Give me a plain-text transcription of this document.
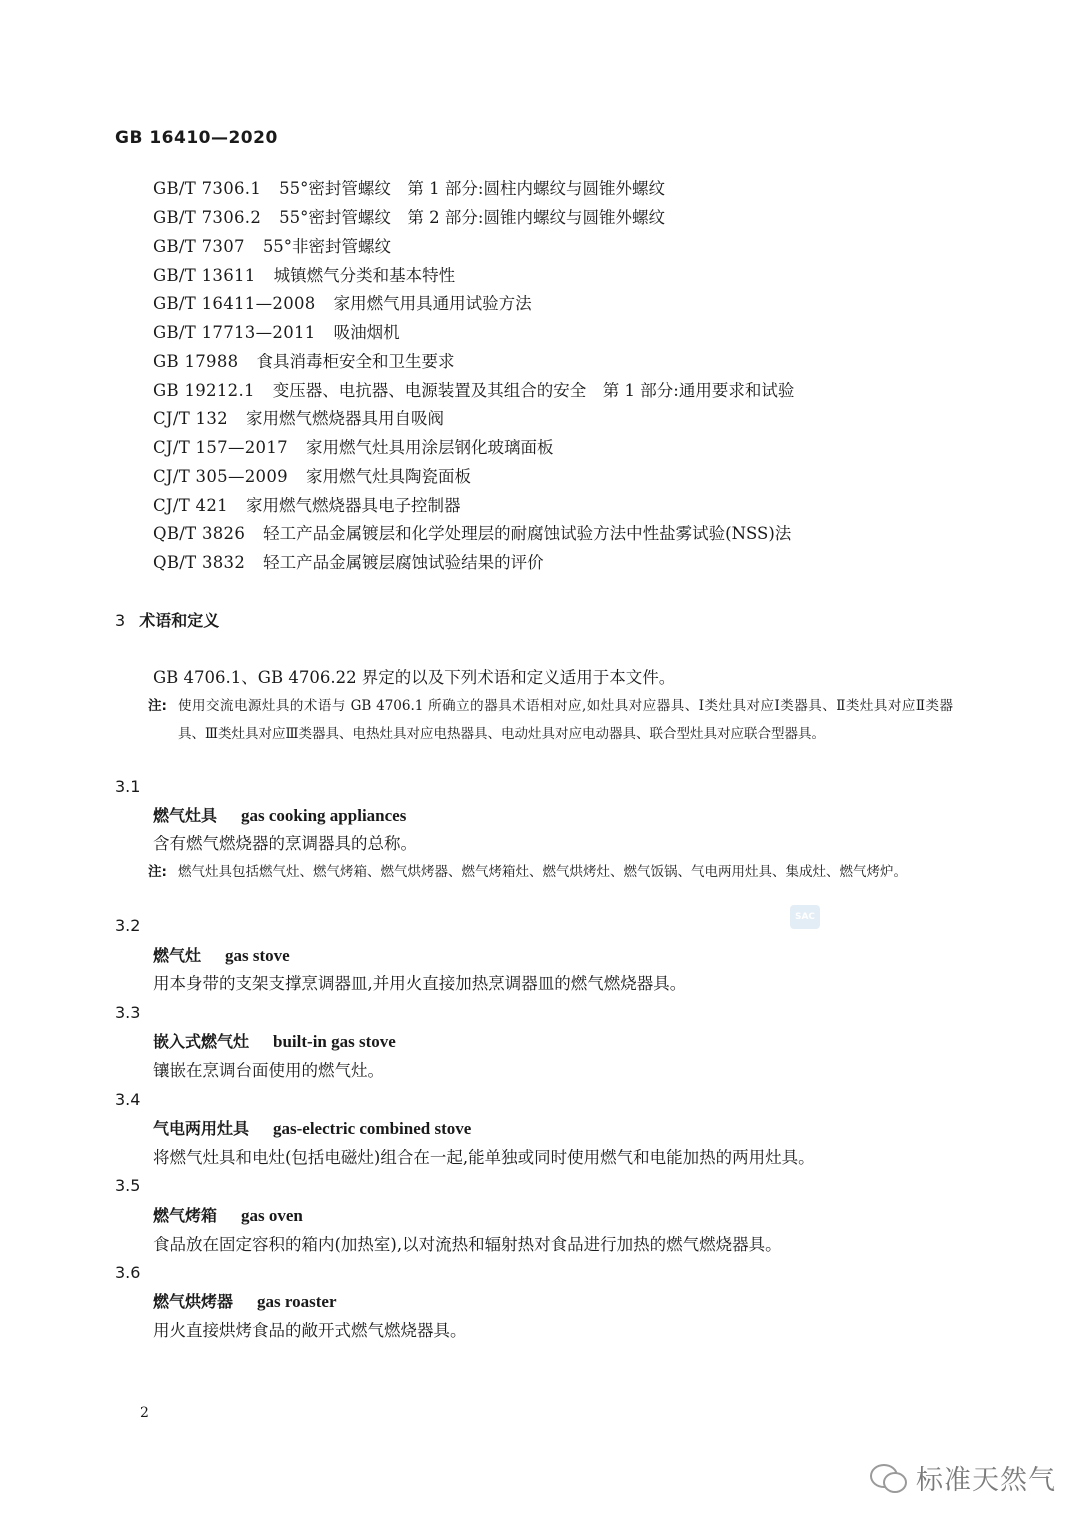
GB 16410—2020
GB/T 7306.1 55°密封管螺纹　第 1 部分:圆柱内螺纹与圆锥外螺纹
GB/T 7306.2 55°密封管螺纹　第 2 部分:圆锥内螺纹与圆锥外螺纹
GB/T 7307 55°非密封管螺纹
GB/T 13611 城镇燃气分类和基本特性
GB/T 16411—2008 家用燃气用具通用试验方法
GB/T 17713—2011 吸油烟机
GB 17988 食具消毒柜安全和卫生要求
GB 19212.1 变压器、电抗器、电源装置及其组合的安全　第 1 部分:通用要求和试验
CJ/T 132 家用燃气燃烧器具用自吸阀
CJ/T 157—2017 家用燃气灶具用涂层钢化玻璃面板
CJ/T 305—2009 家用燃气灶具陶瓷面板
CJ/T 421 家用燃气燃烧器具电子控制器
QB/T 3826 轻工产品金属镀层和化学处理层的耐腐蚀试验方法中性盐雾试验(NSS)法
QB/T 3832 轻工产品金属镀层腐蚀试验结果的评价
3 术语和定义
GB 4706.1、GB 4706.22 界定的以及下列术语和定义适用于本文件。
注: 使用交流电源灶具的术语与 GB 4706.1 所确立的器具术语相对应,如灶具对应器具、Ⅰ类灶具对应Ⅰ类器具、Ⅱ类灶具对应Ⅱ类器具、Ⅲ类灶具对应Ⅲ类器具、电热灶具对应电热器具、电动灶具对应电动器具、联合型灶具对应联合型器具。
3.1
燃气灶具 gas cooking appliances
含有燃气燃烧器的烹调器具的总称。
注: 燃气灶具包括燃气灶、燃气烤箱、燃气烘烤器、燃气烤箱灶、燃气烘烤灶、燃气饭锅、气电两用灶具、集成灶、燃气烤炉。
3.2
燃气灶 gas stove
用本身带的支架支撑烹调器皿,并用火直接加热烹调器皿的燃气燃烧器具。
3.3
嵌入式燃气灶 built-in gas stove
镶嵌在烹调台面使用的燃气灶。
3.4
气电两用灶具 gas-electric combined stove
将燃气灶具和电灶(包括电磁灶)组合在一起,能单独或同时使用燃气和电能加热的两用灶具。
3.5
燃气烤箱 gas oven
食品放在固定容积的箱内(加热室),以对流热和辐射热对食品进行加热的燃气燃烧器具。
3.6
燃气烘烤器 gas roaster
用火直接烘烤食品的敞开式燃气燃烧器具。
SAC
2
标准天然气
